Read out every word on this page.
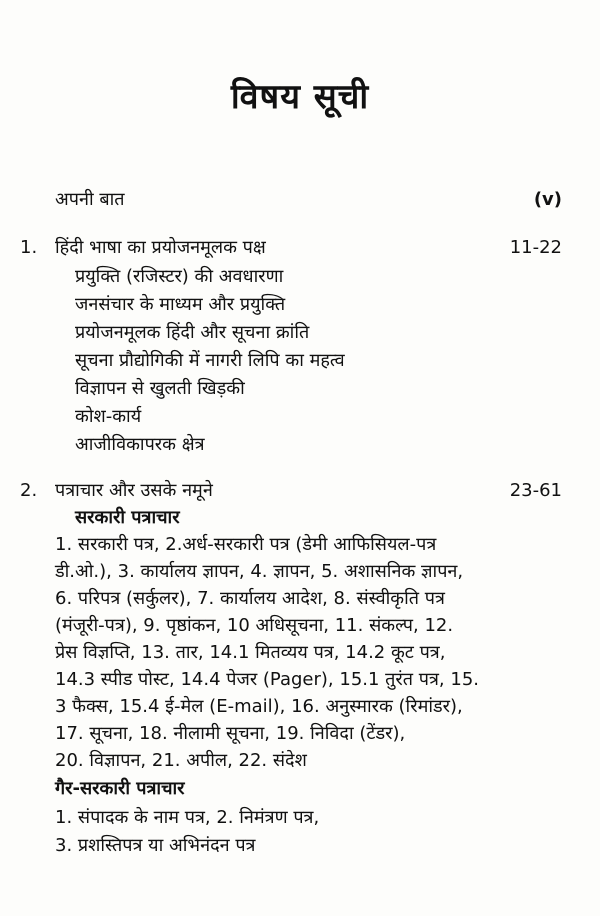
विषय सूची
अपनी बात	(v)
1. हिंदी भाषा का प्रयोजनमूलक पक्ष	11-22
प्रयुक्ति (रजिस्टर) की अवधारणा
जनसंचार के माध्यम और प्रयुक्ति
प्रयोजनमूलक हिंदी और सूचना क्रांति
सूचना प्रौद्योगिकी में नागरी लिपि का महत्व
विज्ञापन से खुलती खिड़की
कोश-कार्य
आजीविकापरक क्षेत्र
2. पत्राचार और उसके नमूने	23-61
सरकारी पत्राचार
1. सरकारी पत्र, 2.अर्ध-सरकारी पत्र (डेमी आफिसियल-पत्र
डी.ओ.), 3. कार्यालय ज्ञापन, 4. ज्ञापन, 5. अशासनिक ज्ञापन,
6. परिपत्र (सर्कुलर), 7. कार्यालय आदेश, 8. संस्वीकृति पत्र
(मंजूरी-पत्र), 9. पृष्ठांकन, 10 अधिसूचना, 11. संकल्प, 12.
प्रेस विज्ञप्ति, 13. तार, 14.1 मितव्यय पत्र, 14.2 कूट पत्र,
14.3 स्पीड पोस्ट, 14.4 पेजर (Pager), 15.1 तुरंत पत्र, 15.
3 फैक्स, 15.4 ई-मेल (E-mail), 16. अनुस्मारक (रिमांडर),
17. सूचना, 18. नीलामी सूचना, 19. निविदा (टेंडर),
20. विज्ञापन, 21. अपील, 22. संदेश
गैर-सरकारी पत्राचार
1. संपादक के नाम पत्र, 2. निमंत्रण पत्र,
3. प्रशस्तिपत्र या अभिनंदन पत्र
